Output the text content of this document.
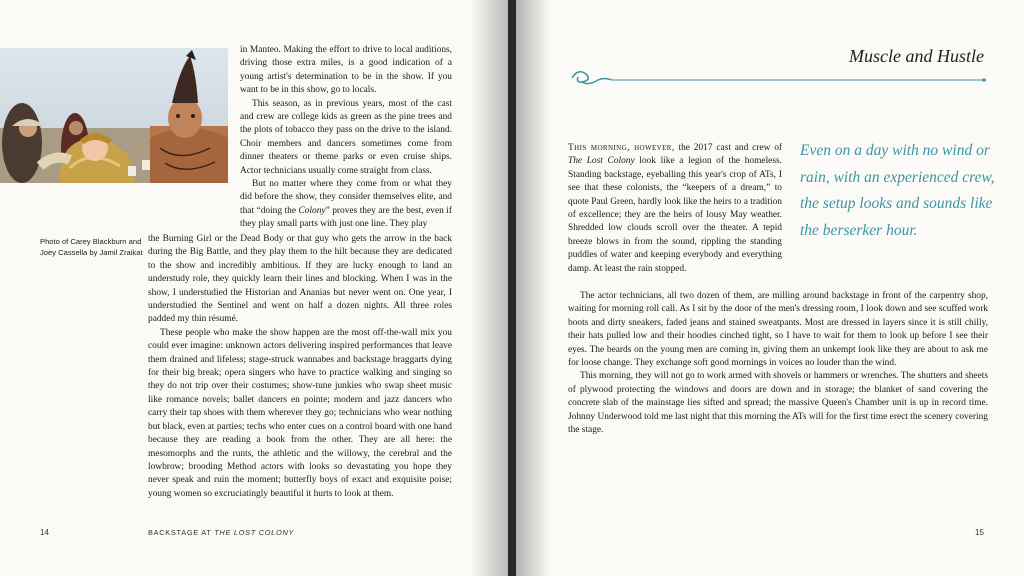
Photo of Carey Blackburn and Joey Cassella by Jamil Zraikat

in Manteo. Making the effort to drive to local auditions, driving those extra miles, is a good indication of a young artist's determination to be in the show. If you want to be in this show, go to locals.

This season, as in previous years, most of the cast and crew are college kids as green as the pine trees and the plots of tobacco they pass on the drive to the island. Choir members and dancers sometimes come from dinner theaters or theme parks or even cruise ships. Actor technicians usually come straight from class.

But no matter where they come from or what they did before the show, they consider themselves elite, and that “doing the Colony” proves they are the best, even if they play small parts with just one line. They play

the Burning Girl or the Dead Body or that guy who gets the arrow in the back during the Big Battle, and they play them to the hilt because they are dedicated to the show and incredibly ambitious. If they are lucky enough to land an understudy role, they quickly learn their lines and blocking. When I was in the show, I understudied the Historian and Ananias but never went on. One year, I understudied the Sentinel and went on half a dozen nights. All three roles padded my thin résumé.

These people who make the show happen are the most off-the-wall mix you could ever imagine: unknown actors delivering inspired performances that leave them drained and lifeless; stage-struck wannabes and backstage braggarts dying for their big break; opera singers who have to practice walking and singing so they do not trip over their costumes; show-tune junkies who swap sheet music like romance novels; ballet dancers en pointe; modern and jazz dancers who carry their tap shoes with them wherever they go; technicians who wear nothing but black, even at parties; techs who enter cues on a control board with one hand because they are reading a book from the other. They are all here: the mesomorphs and the runts, the athletic and the willowy, the cerebral and the lowbrow; brooding Method actors with looks so devastating you hope they never speak and ruin the moment; butterfly boys of exact and exquisite poise; young women so excruciatingly beautiful it hurts to look at them.

14	BACKSTAGE AT THE LOST COLONY
Muscle and Hustle
Even on a day with no wind or rain, with an experienced crew, the setup looks and sounds like the berserker hour.

This morning, however, the 2017 cast and crew of The Lost Colony look like a legion of the homeless. Standing backstage, eyeballing this year's crop of ATs, I see that these colonists, the “keepers of a dream,” to quote Paul Green, hardly look like the heirs to a tradition of excellence; they are the heirs of lousy May weather. Shredded low clouds scroll over the theater. A tepid breeze blows in from the sound, rippling the standing puddles of water and keeping everybody and everything damp. At least the rain stopped.

The actor technicians, all two dozen of them, are milling around backstage in front of the carpentry shop, waiting for morning roll call. As I sit by the door of the men's dressing room, I look down and see scuffed work boots and dirty sneakers, faded jeans and stained sweatpants. Most are dressed in layers since it is still chilly, their hats pulled low and their hoodies cinched tight, so I have to wait for them to look up before I see their eyes. The beards on the young men are coming in, giving them an unkempt look like they are about to ask me for loose change. They exchange soft good mornings in voices no louder than the wind.

This morning, they will not go to work armed with shovels or hammers or wrenches. The shutters and sheets of plywood protecting the windows and doors are down and in storage; the blanket of sand covering the concrete slab of the mainstage lies sifted and spread; the massive Queen's Chamber unit is up in record time. Johnny Underwood told me last night that this morning the ATs will for the first time erect the scenery covering the stage.

15
